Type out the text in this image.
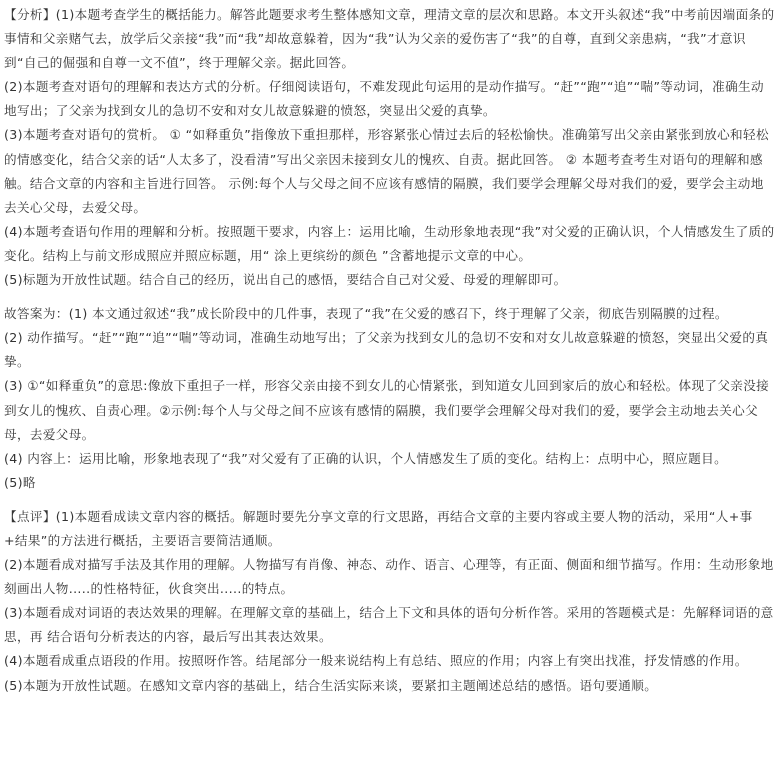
【分析】(1)本题考查学生的概括能力。解答此题要求考生整体感知文章，理清文章的层次和思路。本文开头叙述“我”中考前因端面条的事情和父亲赌气去，放学后父亲接“我”而“我”却故意躲着，因为“我”认为父亲的爱伤害了“我”的自尊，直到父亲患病，“我”才意识到“自己的倔强和自尊一文不值”，终于理解父亲。据此回答。

(2)本题考查对语句的理解和表达方式的分析。仔细阅读语句，不难发现此句运用的是动作描写。“赶”“跑”“追”“喘”等动词，准确生动地写出；了父亲为找到女儿的急切不安和对女儿故意躲避的愤怒，突显出父爱的真挚。

(3)本题考查对语句的赏析。 ① “如释重负”指像放下重担那样，形容紧张心情过去后的轻松愉快。准确第写出父亲由紧张到放心和轻松的情感变化，结合父亲的话“人太多了，没看清”写出父亲因未接到女儿的愧疚、自责。据此回答。 ② 本题考查考生对语句的理解和感触。结合文章的内容和主旨进行回答。 示例:每个人与父母之间不应该有感情的隔膜，我们要学会理解父母对我们的爱，要学会主动地去关心父母，去爱父母。

(4)本题考查语句作用的理解和分析。按照题干要求，内容上：运用比喻，生动形象地表现“我”对父爱的正确认识，个人情感发生了质的变化。结构上与前文形成照应并照应标题，用“ 涂上更缤纷的颜色 ”含蓄地提示文章的中心。

(5)标题为开放性试题。结合自己的经历，说出自己的感悟，要结合自己对父爱、母爱的理解即可。

故答案为：(1) 本文通过叙述“我”成长阶段中的几件事，表现了“我”在父爱的感召下，终于理解了父亲，彻底告别隔膜的过程。

(2) 动作描写。“赶”“跑”“追”“喘”等动词，准确生动地写出；了父亲为找到女儿的急切不安和对女儿故意躲避的愤怒，突显出父爱的真挚。

(3) ①“如释重负”的意思:像放下重担子一样，形容父亲由接不到女儿的心情紧张，到知道女儿回到家后的放心和轻松。体现了父亲没接到女儿的愧疚、自责心理。②示例:每个人与父母之间不应该有感情的隔膜，我们要学会理解父母对我们的爱，要学会主动地去关心父母，去爱父母。

(4) 内容上：运用比喻，形象地表现了“我”对父爱有了正确的认识，个人情感发生了质的变化。结构上：点明中心，照应题目。

(5)略

【点评】(1)本题看成读文章内容的概括。解题时要先分享文章的行文思路，再结合文章的主要内容或主要人物的活动，采用“人+事+结果”的方法进行概括，主要语言要简洁通顺。

(2)本题看成对描写手法及其作用的理解。人物描写有肖像、神态、动作、语言、心理等，有正面、侧面和细节描写。作用：生动形象地刻画出人物.....的性格特征，伙食突出.....的特点。

(3)本题看成对词语的表达效果的理解。在理解文章的基础上，结合上下文和具体的语句分析作答。采用的答题模式是：先解释词语的意思，再 结合语句分析表达的内容，最后写出其表达效果。

(4)本题看成重点语段的作用。按照呀作答。结尾部分一般来说结构上有总结、照应的作用；内容上有突出找准，抒发情感的作用。

(5)本题为开放性试题。在感知文章内容的基础上，结合生活实际来谈，要紧扣主题阐述总结的感悟。语句要通顺。
